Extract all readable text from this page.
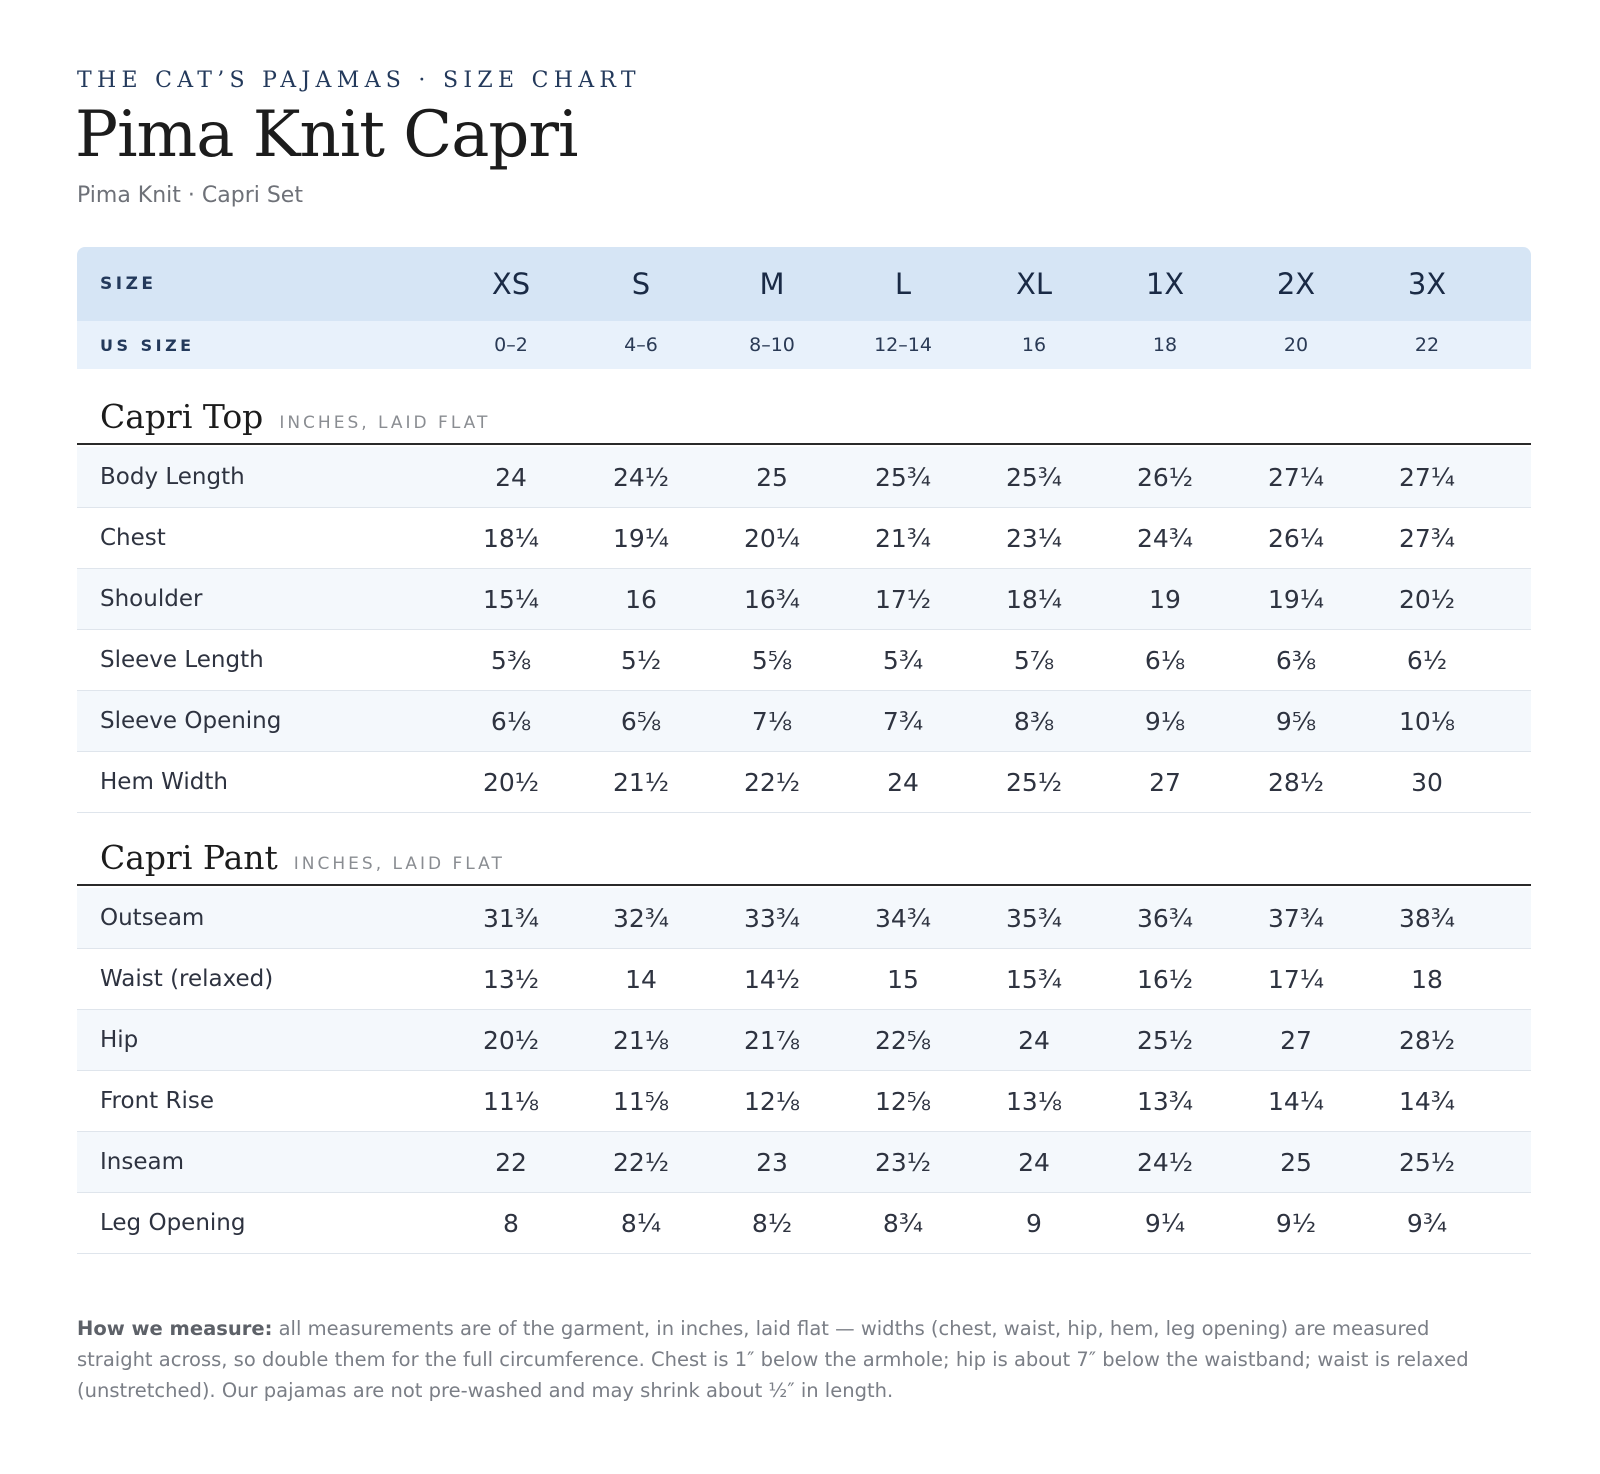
THE CAT’S PAJAMAS · SIZE CHART
Pima Knit Capri
Pima Knit · Capri Set
SIZE	XS	S	M	L	XL	1X	2X	3X
US SIZE	0–2	4–6	8–10	12–14	16	18	20	22
Capri Top INCHES, LAID FLAT
Body Length	24	24½	25	25¾	25¾	26½	27¼	27¼
Chest	18¼	19¼	20¼	21¾	23¼	24¾	26¼	27¾
Shoulder	15¼	16	16¾	17½	18¼	19	19¼	20½
Sleeve Length	5⅜	5½	5⅝	5¾	5⅞	6⅛	6⅜	6½
Sleeve Opening	6⅛	6⅝	7⅛	7¾	8⅜	9⅛	9⅝	10⅛
Hem Width	20½	21½	22½	24	25½	27	28½	30
Capri Pant INCHES, LAID FLAT
Outseam	31¾	32¾	33¾	34¾	35¾	36¾	37¾	38¾
Waist (relaxed)	13½	14	14½	15	15¾	16½	17¼	18
Hip	20½	21⅛	21⅞	22⅝	24	25½	27	28½
Front Rise	11⅛	11⅝	12⅛	12⅝	13⅛	13¾	14¼	14¾
Inseam	22	22½	23	23½	24	24½	25	25½
Leg Opening	8	8¼	8½	8¾	9	9¼	9½	9¾
How we measure: all measurements are of the garment, in inches, laid flat — widths (chest, waist, hip, hem, leg opening) are measured straight across, so double them for the full circumference. Chest is 1″ below the armhole; hip is about 7″ below the waistband; waist is relaxed (unstretched). Our pajamas are not pre-washed and may shrink about ½″ in length.
